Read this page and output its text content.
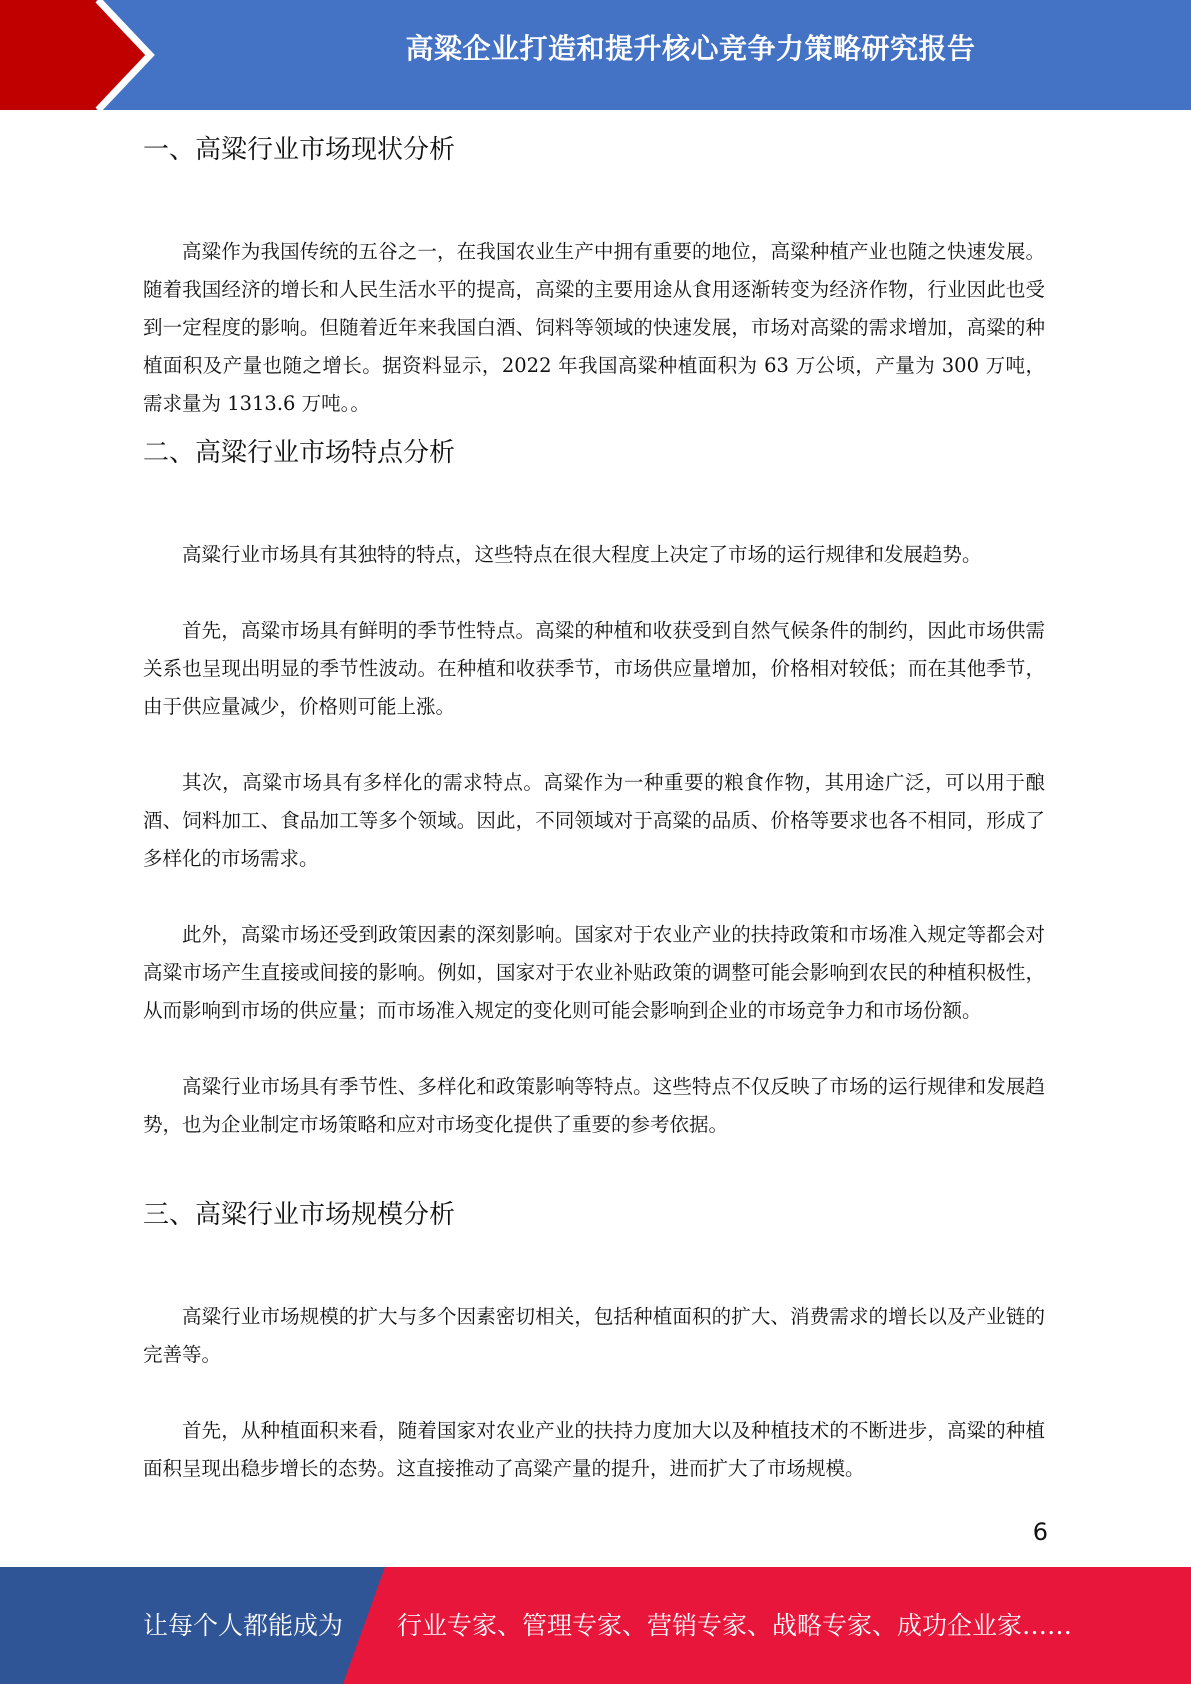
高粱企业打造和提升核心竞争力策略研究报告
一、高粱行业市场现状分析

高粱作为我国传统的五谷之一，在我国农业生产中拥有重要的地位，高粱种植产业也随之快速发展。随着我国经济的增长和人民生活水平的提高，高粱的主要用途从食用逐渐转变为经济作物，行业因此也受到一定程度的影响。但随着近年来我国白酒、饲料等领域的快速发展，市场对高粱的需求增加，高粱的种植面积及产量也随之增长。据资料显示，2022 年我国高粱种植面积为 63 万公顷，产量为 300 万吨，需求量为 1313.6 万吨。。

二、高粱行业市场特点分析

高粱行业市场具有其独特的特点，这些特点在很大程度上决定了市场的运行规律和发展趋势。

首先，高粱市场具有鲜明的季节性特点。高粱的种植和收获受到自然气候条件的制约，因此市场供需关系也呈现出明显的季节性波动。在种植和收获季节，市场供应量增加，价格相对较低；而在其他季节，由于供应量减少，价格则可能上涨。

其次，高粱市场具有多样化的需求特点。高粱作为一种重要的粮食作物，其用途广泛，可以用于酿酒、饲料加工、食品加工等多个领域。因此，不同领域对于高粱的品质、价格等要求也各不相同，形成了多样化的市场需求。

此外，高粱市场还受到政策因素的深刻影响。国家对于农业产业的扶持政策和市场准入规定等都会对高粱市场产生直接或间接的影响。例如，国家对于农业补贴政策的调整可能会影响到农民的种植积极性，从而影响到市场的供应量；而市场准入规定的变化则可能会影响到企业的市场竞争力和市场份额。

高粱行业市场具有季节性、多样化和政策影响等特点。这些特点不仅反映了市场的运行规律和发展趋势，也为企业制定市场策略和应对市场变化提供了重要的参考依据。

三、高粱行业市场规模分析

高粱行业市场规模的扩大与多个因素密切相关，包括种植面积的扩大、消费需求的增长以及产业链的完善等。

首先，从种植面积来看，随着国家对农业产业的扶持力度加大以及种植技术的不断进步，高粱的种植面积呈现出稳步增长的态势。这直接推动了高粱产量的提升，进而扩大了市场规模。

6
让每个人都能成为 行业专家、管理专家、营销专家、战略专家、成功企业家……
